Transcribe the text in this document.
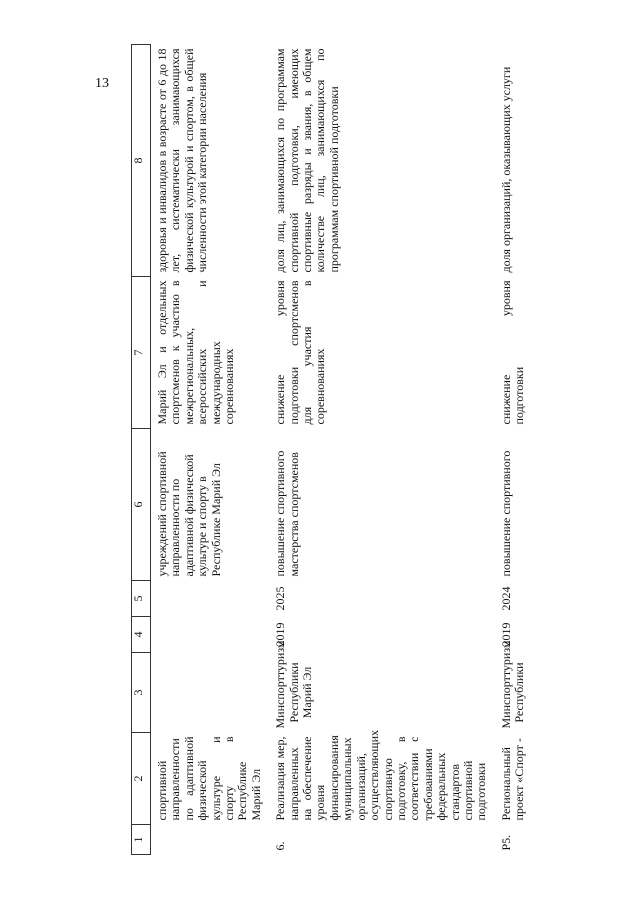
13
1	2	3	4	5	6	7	8
	спортивной направленности по адаптивной физической культуре и спорту в Республике Марий Эл				учреждений спортивной направленности по адаптивной физической культуре и спорту в Республике Марий Эл	Марий Эл и отдельных спортсменов к участию в межрегиональных, всероссийских и международных соревнованиях	здоровья и инвалидов в возрасте от 6 до 18 лет, систематически занимающихся физической культурой и спортом, в общей численности этой категории населения
6.	Реализация мер, направленных на обеспечение уровня финансирования муниципальных организаций, осуществляющих спортивную подготовку, в соответствии с требованиями федеральных стандартов спортивной подготовки	Минспорттуризм Республики Марий Эл	2019	2025	повышение спортивного мастерства спортсменов	снижение уровня подготовки спортсменов для участия в соревнованиях	доля лиц, занимающихся по программам спортивной подготовки, имеющих спортивные разряды и звания, в общем количестве лиц, занимающихся по программам спортивной подготовки
Р5.	Региональный проект «Спорт -	Минспорттуризм Республики	2019	2024	повышение спортивного	снижение уровня подготовки	доля организаций, оказывающих услуги
